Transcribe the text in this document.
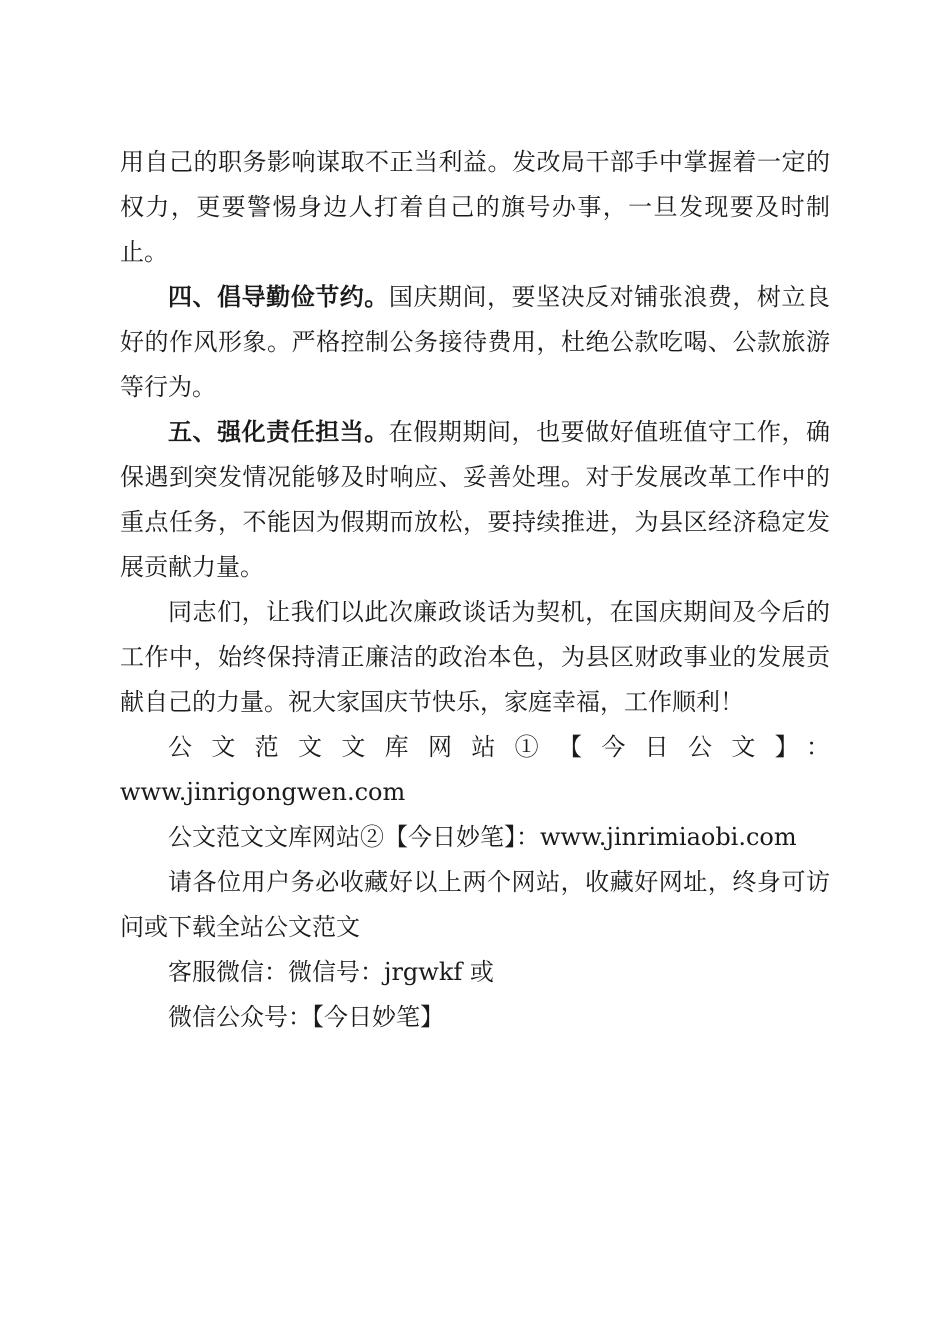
用自己的职务影响谋取不正当利益。发改局干部手中掌握着一定的权力，更要警惕身边人打着自己的旗号办事，一旦发现要及时制止。

四、倡导勤俭节约。国庆期间，要坚决反对铺张浪费，树立良好的作风形象。严格控制公务接待费用，杜绝公款吃喝、公款旅游等行为。

五、强化责任担当。在假期期间，也要做好值班值守工作，确保遇到突发情况能够及时响应、妥善处理。对于发展改革工作中的重点任务，不能因为假期而放松，要持续推进，为县区经济稳定发展贡献力量。

同志们，让我们以此次廉政谈话为契机，在国庆期间及今后的工作中，始终保持清正廉洁的政治本色，为县区财政事业的发展贡献自己的力量。祝大家国庆节快乐，家庭幸福，工作顺利！

公文范文文库网站①【今日公文】：

www.jinrigongwen.com

公文范文文库网站②【今日妙笔】：www.jinrimiaobi.com

请各位用户务必收藏好以上两个网站，收藏好网址，终身可访问或下载全站公文范文

客服微信：微信号：jrgwkf 或

微信公众号：【今日妙笔】
